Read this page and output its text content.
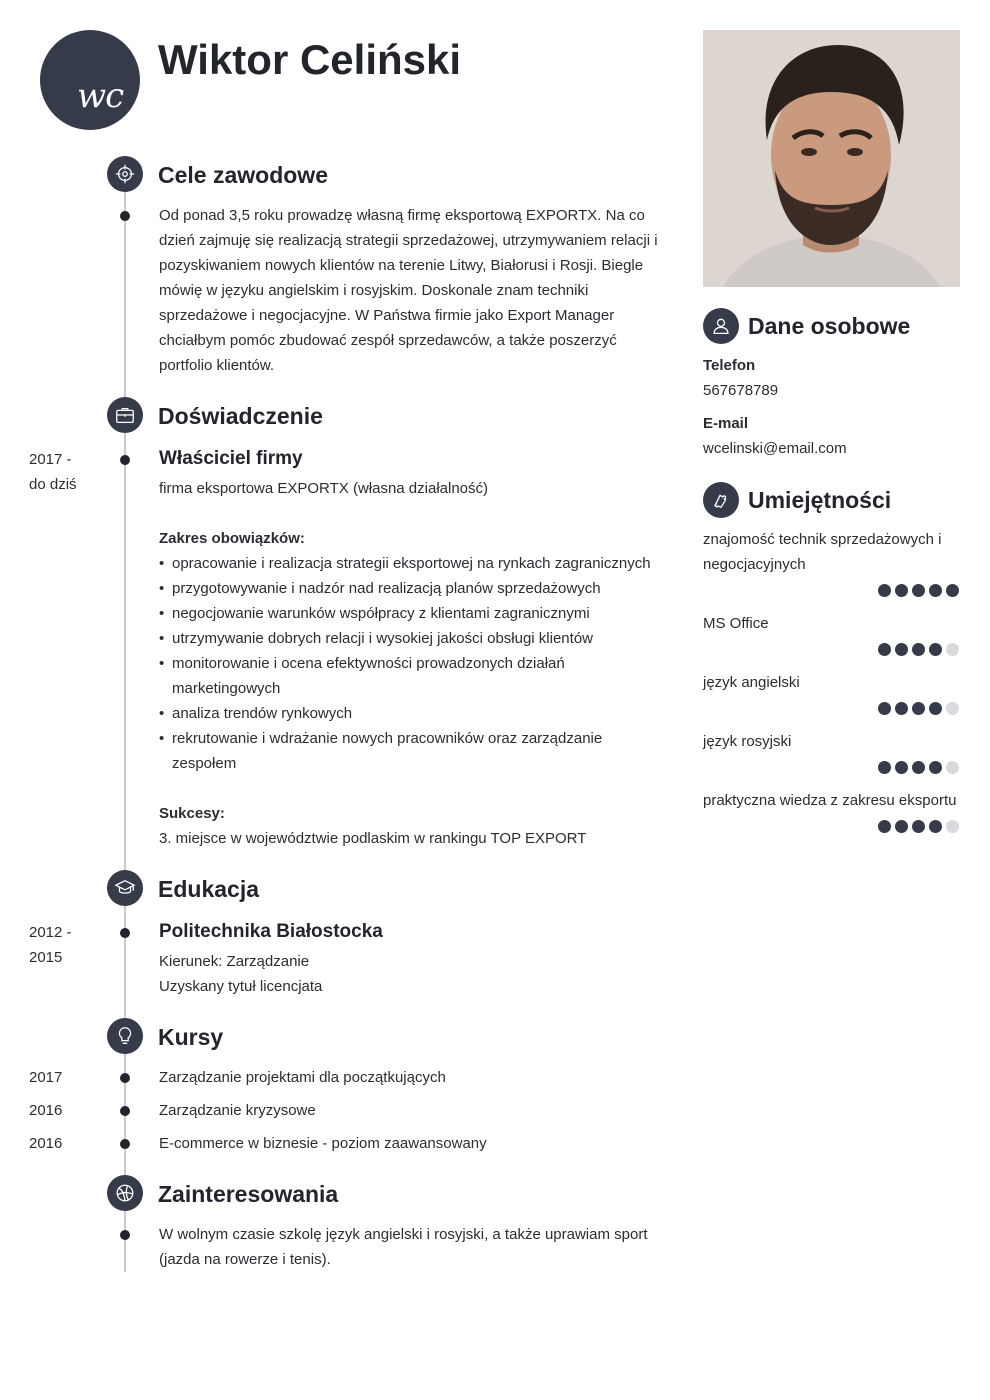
wc
Wiktor Celiński
Cele zawodowe
Od ponad 3,5 roku prowadzę własną firmę eksportową EXPORTX. Na co dzień zajmuję się realizacją strategii sprzedażowej, utrzymywaniem relacji i pozyskiwaniem nowych klientów na terenie Litwy, Białorusi i Rosji. Biegle mówię w języku angielskim i rosyjskim. Doskonale znam techniki sprzedażowe i negocjacyjne. W Państwa firmie jako Export Manager chciałbym pomóc zbudować zespół sprzedawców, a także poszerzyć portfolio klientów.
Doświadczenie
2017 -
do dziś
Właściciel firmy
firma eksportowa EXPORTX (własna działalność)
Zakres obowiązków:
• opracowanie i realizacja strategii eksportowej na rynkach zagranicznych
• przygotowywanie i nadzór nad realizacją planów sprzedażowych
• negocjowanie warunków współpracy z klientami zagranicznymi
• utrzymywanie dobrych relacji i wysokiej jakości obsługi klientów
• monitorowanie i ocena efektywności prowadzonych działań marketingowych
• analiza trendów rynkowych
• rekrutowanie i wdrażanie nowych pracowników oraz zarządzanie zespołem
Sukcesy:
3. miejsce w województwie podlaskim w rankingu TOP EXPORT
Edukacja
2012 -
2015
Politechnika Białostocka
Kierunek: Zarządzanie
Uzyskany tytuł licencjata
Kursy
2017	Zarządzanie projektami dla początkujących
2016	Zarządzanie kryzysowe
2016	E-commerce w biznesie - poziom zaawansowany
Zainteresowania
W wolnym czasie szkolę język angielski i rosyjski, a także uprawiam sport (jazda na rowerze i tenis).
Dane osobowe
Telefon
567678789
E-mail
wcelinski@email.com
Umiejętności
znajomość technik sprzedażowych i negocjacyjnych
MS Office
język angielski
język rosyjski
praktyczna wiedza z zakresu eksportu
